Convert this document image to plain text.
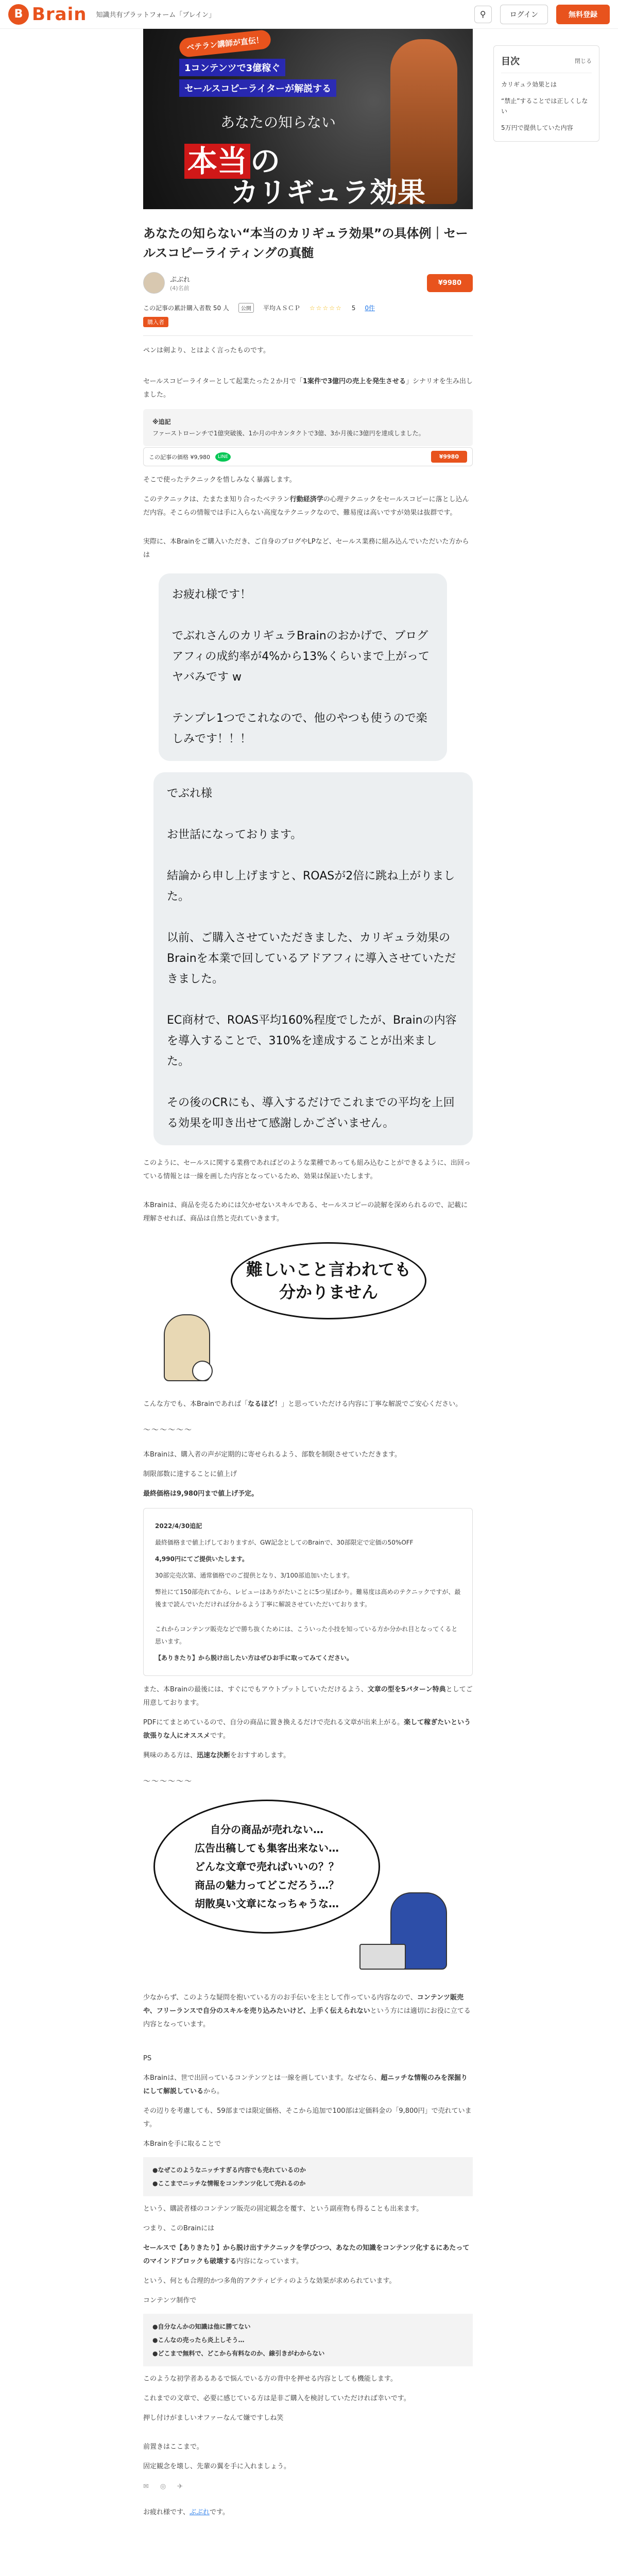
B Brain 知識共有プラットフォーム「ブレイン」	⚲	ログイン	無料登録
ベテラン講師が直伝！
1コンテンツで3億稼ぐ
セールスコピーライターが解説する
あなたの知らない
本当 の
カリギュラ効果
あなたの知らない“本当のカリギュラ効果”の具体例｜セールスコピーライティングの真髄
ぷぶれ
(4)名前
¥9980
この記事の累計購入者数 50 人	公開	平均ＡＳＣＰ ☆☆☆☆☆ 5 0件
購入者

ペンは剣より、とはよく言ったものです。

セールスコピーライターとして起業たった２か月で「1案件で3億円の売上を発生させる」シナリオを生み出しました。

※追記
ファーストローンチで1億突破後、1か月の中カンタクトで3億、3か月後に3億円を達成しました。
この記事の価格 ¥9,980	LINE	¥9980

そこで使ったテクニックを惜しみなく暴露します。

このテクニックは、たまたま知り合ったベテラン行動経済学の心理テクニックをセールスコピーに落とし込んだ内容。そこらの情報では手に入らない高度なテクニックなので、難易度は高いですが効果は抜群です。

実際に、本Brainをご購入いただき、ご自身のブログやLPなど、セールス業務に組み込んでいただいた方からは

お疲れ様です！

でぶれさんのカリギュラBrainのおかげで、ブログアフィの成約率が4%から13%くらいまで上がってヤバみです w

テンプレ1つでこれなので、他のやつも使うので楽しみです！！！
でぶれ様

お世話になっております。

結論から申し上げますと、ROASが2倍に跳ね上がりました。

以前、ご購入させていただきました、カリギュラ効果のBrainを本業で回しているアドアフィに導入させていただきました。

EC商材で、ROAS平均160%程度でしたが、Brainの内容を導入することで、310%を達成することが出来ました。

その後のCRにも、導入するだけでこれまでの平均を上回る効果を叩き出せて感謝しかございません。

このように、セールスに関する業務であればどのような業種であっても組み込むことができるように、出回っている情報とは一線を画した内容となっているため、効果は保証いたします。

本Brainは、商品を売るためには欠かせないスキルである、セールスコピーの読解を深められるので、記載に理解させれば、商品は自然と売れていきます。

難しいこと言われても
分かりません

こんな方でも、本Brainであれば「なるほど！」と思っていただける内容に丁寧な解説でご安心ください。

〜〜〜〜〜〜

本Brainは、購入者の声が定期的に寄せられるよう、部数を制限させていただきます。

制限部数に達することに値上げ

最終価格は9,980円まで値上げ予定。

2022/4/30追記

最終価格まで値上げしておりますが、GW記念としてのBrainで、30部限定で定価の50%OFF

4,990円にてご提供いたします。

30部完売次第、通常価格でのご提供となり、3/100部追加いたします。

弊社にて150部売れてから、レビューはありがたいことに5つ星ばかり。難易度は高めのテクニックですが、最後まで読んでいただければ分かるよう丁寧に解説させていただいております。

これからコンテンツ販売などで勝ち抜くためには、こういった小技を知っている方か分かれ目となってくると思います。

【ありきたり】から脱け出したい方はぜひお手に取ってみてください。

また、本Brainの最後には、すぐにでもアウトプットしていただけるよう、文章の型を5パターン特典としてご用意しております。

PDFにてまとめているので、自分の商品に置き換えるだけで売れる文章が出来上がる。楽して稼ぎたいという欲張りな人にオススメです。

興味のある方は、迅速な決断をおすすめします。

〜〜〜〜〜〜
自分の商品が売れない…
広告出稿しても集客出来ない…
どんな文章で売ればいいの？？
商品の魅力ってどこだろう…？
胡散臭い文章になっちゃうな…

少なからず、このような疑問を抱いている方のお手伝いを主として作っている内容なので、コンテンツ販売や、フリーランスで自分のスキルを売り込みたいけど、上手く伝えられないという方には適切にお役に立てる内容となっています。

PS

本Brainは、世で出回っているコンテンツとは一線を画しています。なぜなら、超ニッチな情報のみを深掘りにして解説しているから。

その辺りを考慮しても、59部までは限定価格、そこから追加で100部は定価料金の「9,800円」で売れています。

本Brainを手に取ることで

●なぜこのようなニッチすぎる内容でも売れているのか
●ここまでニッチな情報をコンテンツ化して売れるのか

という、購読者様のコンテンツ販売の固定観念を覆す、という副産物も得ることも出来ます。

つまり、このBrainには

セールスで【ありきたり】から脱け出すテクニックを学びつつ、あなたの知識をコンテンツ化するにあたってのマインドブロックも破壊する内容になっています。

という、何とも合理的かつ多角的アクティビティのような効果が求められています。

コンテンツ制作で

●自分なんかの知識は他に勝てない
●こんなの売ったら炎上しそう…
●どこまで無料で、どこから有料なのか、線引きがわからない

このような初学者あるあるで悩んでいる方の背中を押せる内容としても機能します。

これまでの文章で、必要に感じている方は是非ご購入を検討していただければ幸いです。

押し付けがましいオファーなんて嫌ですしね笑

前置きはここまで。

固定観念を壊し、先輩の翼を手に入れましょう。

✉ ◎ ✈

お疲れ様です、ぶぶれです。

目次	閉じる
カリギュラ効果とは
“禁止”することでは正しくしない
5万円で提供していた内容
